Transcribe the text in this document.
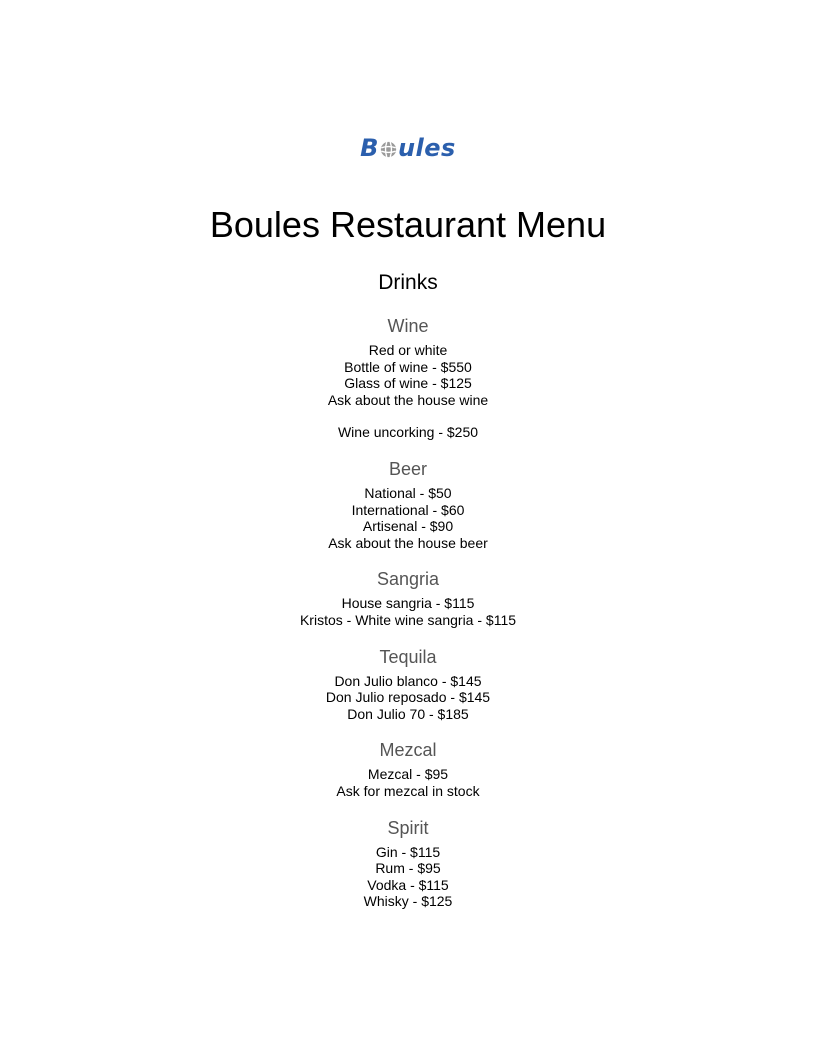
B ules
Boules Restaurant Menu
Drinks
Wine
Red or white
Bottle of wine - $550
Glass of wine - $125
Ask about the house wine
Wine uncorking - $250
Beer
National - $50
International - $60
Artisenal - $90
Ask about the house beer
Sangria
House sangria - $115
Kristos - White wine sangria - $115
Tequila
Don Julio blanco - $145
Don Julio reposado - $145
Don Julio 70 - $185
Mezcal
Mezcal - $95
Ask for mezcal in stock
Spirit
Gin - $115
Rum - $95
Vodka - $115
Whisky - $125
